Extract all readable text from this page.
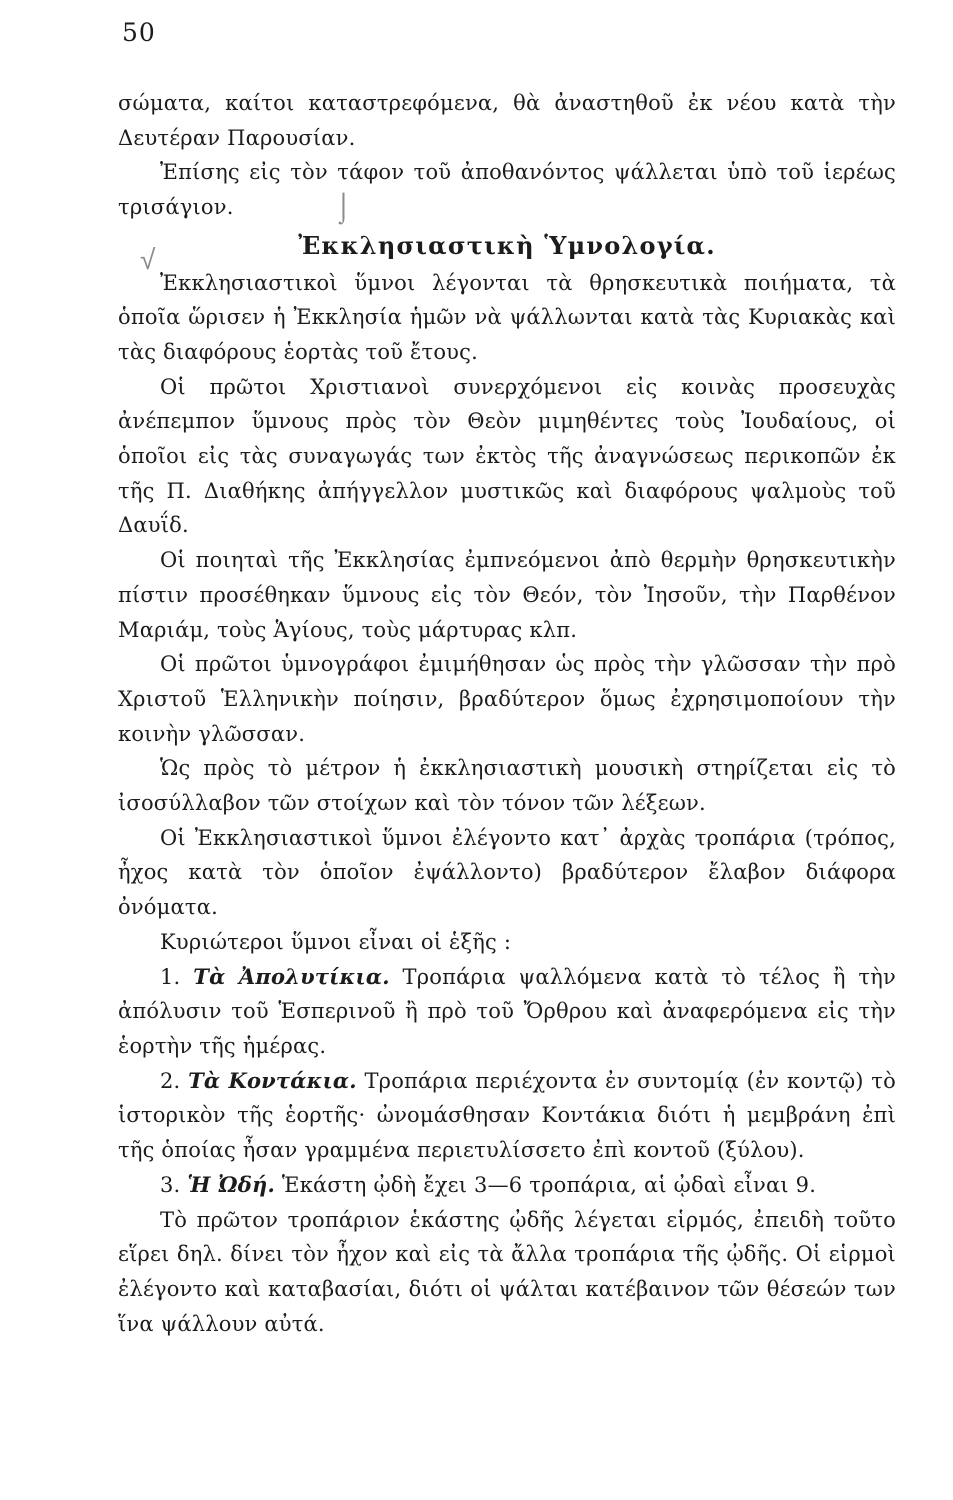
50
⌡
√

σώματα, καίτοι καταστρεφόμενα, θὰ ἀναστηθοῦ ἐκ νέου κατὰ τὴν Δευτέραν Παρουσίαν.

Ἐπίσης εἰς τὸν τάφον τοῦ ἀποθανόντος ψάλλεται ὑπὸ τοῦ ἱερέως τρισάγιον.

Ἐκκλησιαστικὴ Ὑμνολογία.

Ἐκκλησιαστικοὶ ὕμνοι λέγονται τὰ θρησκευτικὰ ποιήματα, τὰ ὁποῖα ὥρισεν ἡ Ἐκκλησία ἡμῶν νὰ ψάλλωνται κατὰ τὰς Κυριακὰς καὶ τὰς διαφόρους ἑορτὰς τοῦ ἔτους.

Οἱ πρῶτοι Χριστιανοὶ συνερχόμενοι εἰς κοινὰς προσευχὰς ἀνέπεμπον ὕμνους πρὸς τὸν Θεὸν μιμηθέντες τοὺς Ἰουδαίους, οἱ ὁποῖοι εἰς τὰς συναγωγάς των ἐκτὸς τῆς ἀναγνώσεως περικοπῶν ἐκ τῆς Π. Διαθήκης ἀπήγγελλον μυστικῶς καὶ διαφόρους ψαλμοὺς τοῦ Δαυΐδ.

Οἱ ποιηταὶ τῆς Ἐκκλησίας ἐμπνεόμενοι ἀπὸ θερμὴν θρησκευτικὴν πίστιν προσέθηκαν ὕμνους εἰς τὸν Θεόν, τὸν Ἰησοῦν, τὴν Παρθένον Μαριάμ, τοὺς Ἁγίους, τοὺς μάρτυρας κλπ.

Οἱ πρῶτοι ὑμνογράφοι ἐμιμήθησαν ὡς πρὸς τὴν γλῶσσαν τὴν πρὸ Χριστοῦ Ἑλληνικὴν ποίησιν, βραδύτερον ὅμως ἐχρησιμοποίουν τὴν κοινὴν γλῶσσαν.

Ὡς πρὸς τὸ μέτρον ἡ ἐκκλησιαστικὴ μουσικὴ στηρίζεται εἰς τὸ ἰσοσύλλαβον τῶν στοίχων καὶ τὸν τόνον τῶν λέξεων.

Οἱ Ἐκκλησιαστικοὶ ὕμνοι ἐλέγοντο κατ᾿ ἀρχὰς τροπάρια (τρόπος, ἦχος κατὰ τὸν ὁποῖον ἐψάλλοντο) βραδύτερον ἔλαβον διάφορα ὀνόματα.

Κυριώτεροι ὕμνοι εἶναι οἱ ἑξῆς :

1. Τὰ Ἀπολυτίκια. Τροπάρια ψαλλόμενα κατὰ τὸ τέλος ἢ τὴν ἀπόλυσιν τοῦ Ἑσπερινοῦ ἢ πρὸ τοῦ Ὄρθρου καὶ ἀναφερόμενα εἰς τὴν ἑορτὴν τῆς ἡμέρας.

2. Τὰ Κοντάκια. Τροπάρια περιέχοντα ἐν συντομίᾳ (ἐν κοντῷ) τὸ ἱστορικὸν τῆς ἑορτῆς· ὠνομάσθησαν Κοντάκια διότι ἡ μεμβράνη ἐπὶ τῆς ὁποίας ἦσαν γραμμένα περιετυλίσσετο ἐπὶ κοντοῦ (ξύλου).

3. Ἡ Ὠδή. Ἑκάστη ᾠδὴ ἔχει 3—6 τροπάρια, αἱ ᾠδαὶ εἶναι 9.

Τὸ πρῶτον τροπάριον ἑκάστης ᾠδῆς λέγεται εἱρμός, ἐπειδὴ τοῦτο εἵρει δηλ. δίνει τὸν ἦχον καὶ εἰς τὰ ἄλλα τροπάρια τῆς ᾠδῆς. Οἱ εἱρμοὶ ἐλέγοντο καὶ καταβασίαι, διότι οἱ ψάλται κατέβαινον τῶν θέσεών των ἵνα ψάλλουν αὐτά.
